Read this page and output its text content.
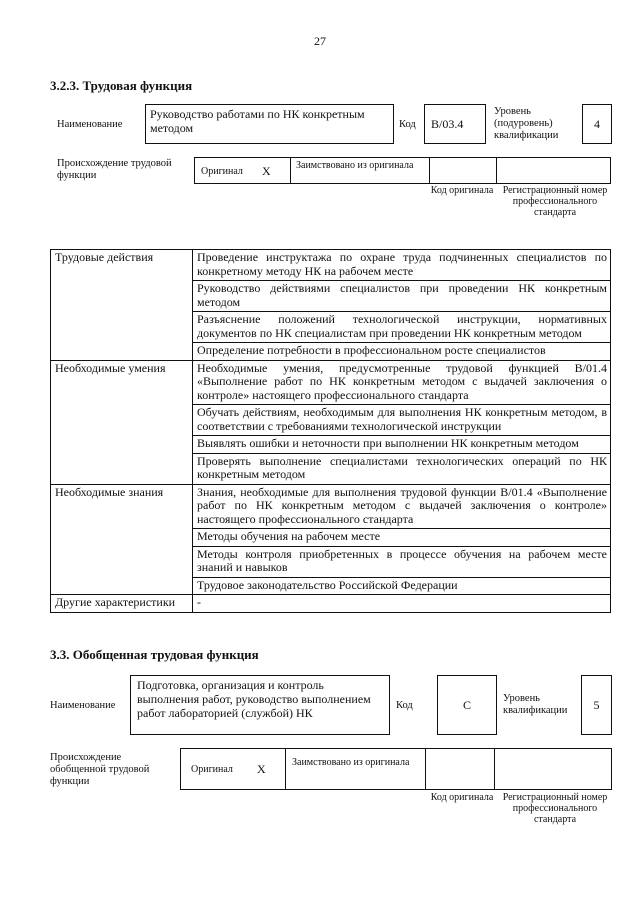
27
3.2.3. Трудовая функция
Наименование
Руководство работами по НК конкретным методом	Код	B/03.4
Уровень (подуровень) квалификации
4
Происхождение трудовой функции	Оригинал X	Заимствовано из оригинала
Код оригинала Регистрационный номер профессионального стандарта
Трудовые действия	Проведение инструктажа по охране труда подчиненных специалистов по конкретному методу НК на рабочем месте
	Руководство действиями специалистов при проведении НК конкретным методом
	Разъяснение положений технологической инструкции, нормативных документов по НК специалистам при проведении НК конкретным методом
	Определение потребности в профессиональном росте специалистов
Необходимые умения	Необходимые умения, предусмотренные трудовой функцией B/01.4 «Выполнение работ по НК конкретным методом с выдачей заключения о контроле» настоящего профессионального стандарта
	Обучать действиям, необходимым для выполнения НК конкретным методом, в соответствии с требованиями технологической инструкции
	Выявлять ошибки и неточности при выполнении НК конкретным методом
	Проверять выполнение специалистами технологических операций по НК конкретным методом
Необходимые знания	Знания, необходимые для выполнения трудовой функции B/01.4 «Выполнение работ по НК конкретным методом с выдачей заключения о контроле» настоящего профессионального стандарта
	Методы обучения на рабочем месте
	Методы контроля приобретенных в процессе обучения на рабочем месте знаний и навыков
	Трудовое законодательство Российской Федерации
Другие характеристики	-
3.3. Обобщенная трудовая функция
Наименование
Подготовка, организация и контроль выполнения работ, руководство выполнением работ лабораторией (службой) НК
Код	C	Уровень квалификации	5
Происхождение обобщенной трудовой функции
Оригинал X	Заимствовано из оригинала
Код оригинала Регистрационный номер профессионального стандарта
